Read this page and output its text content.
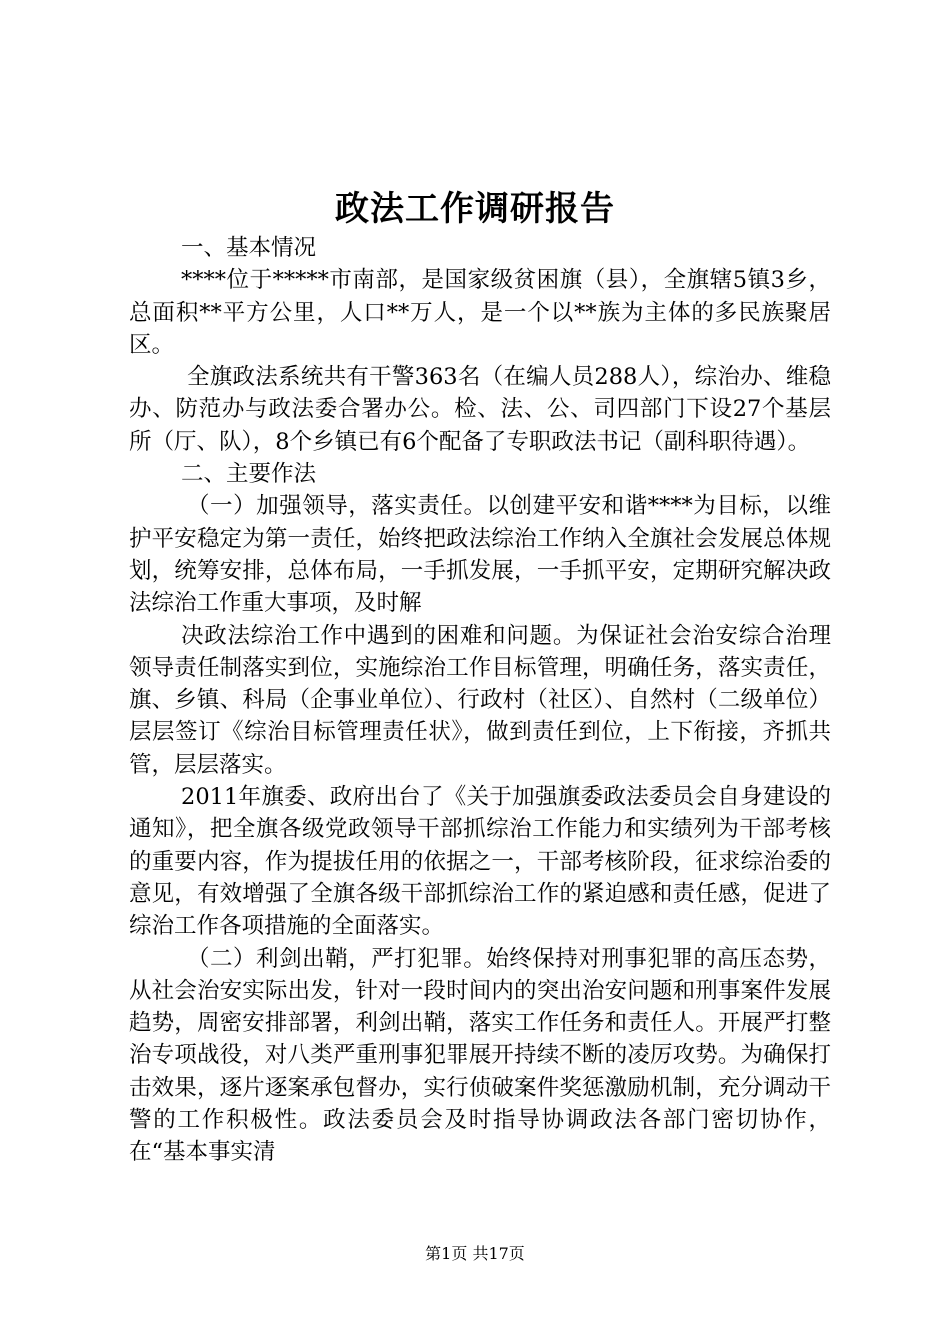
政法工作调研报告

一、基本情况

****位于*****市南部，是国家级贫困旗（县），全旗辖5镇3乡，总面积**平方公里，人口**万人，是一个以**族为主体的多民族聚居区。

全旗政法系统共有干警363名（在编人员288人），综治办、维稳办、防范办与政法委合署办公。检、法、公、司四部门下设27个基层所（厅、队），8个乡镇已有6个配备了专职政法书记（副科职待遇）。

二、主要作法

（一）加强领导，落实责任。以创建平安和谐****为目标，以维护平安稳定为第一责任，始终把政法综治工作纳入全旗社会发展总体规划，统筹安排，总体布局，一手抓发展，一手抓平安，定期研究解决政法综治工作重大事项，及时解

决政法综治工作中遇到的困难和问题。为保证社会治安综合治理领导责任制落实到位，实施综治工作目标管理，明确任务，落实责任，旗、乡镇、科局（企事业单位）、行政村（社区）、自然村（二级单位）层层签订《综治目标管理责任状》，做到责任到位，上下衔接，齐抓共管，层层落实。

2011年旗委、政府出台了《关于加强旗委政法委员会自身建设的通知》，把全旗各级党政领导干部抓综治工作能力和实绩列为干部考核的重要内容，作为提拔任用的依据之一，干部考核阶段，征求综治委的意见，有效增强了全旗各级干部抓综治工作的紧迫感和责任感，促进了综治工作各项措施的全面落实。

（二）利剑出鞘，严打犯罪。始终保持对刑事犯罪的高压态势，从社会治安实际出发，针对一段时间内的突出治安问题和刑事案件发展趋势，周密安排部署，利剑出鞘，落实工作任务和责任人。开展严打整治专项战役，对八类严重刑事犯罪展开持续不断的凌厉攻势。为确保打击效果，逐片逐案承包督办，实行侦破案件奖惩激励机制，充分调动干警的工作积极性。政法委员会及时指导协调政法各部门密切协作，在“基本事实清

第1页 共17页
